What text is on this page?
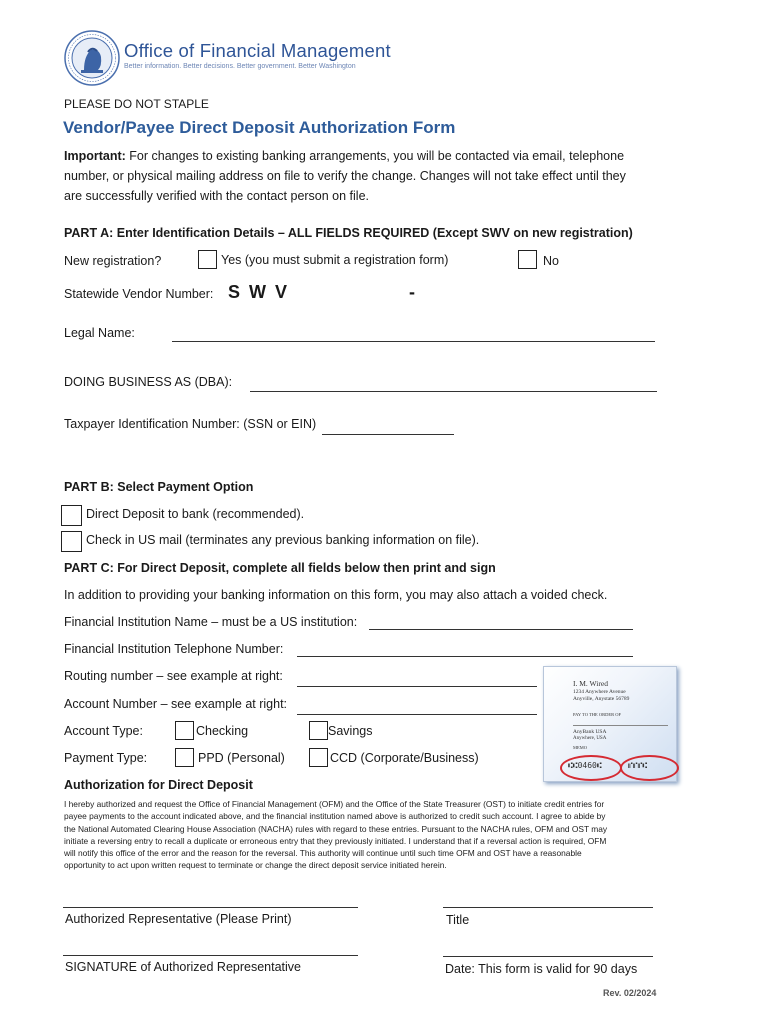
Office of Financial Management
Better information. Better decisions. Better government. Better Washington
PLEASE DO NOT STAPLE
Vendor/Payee Direct Deposit Authorization Form
Important: For changes to existing banking arrangements, you will be contacted via email, telephone
number, or physical mailing address on file to verify the change. Changes will not take effect until they
are successfully verified with the contact person on file.
PART A: Enter Identification Details – ALL FIELDS REQUIRED (Except SWV on new registration)
New registration?	Yes (you must submit a registration form)	No
Statewide Vendor Number: S W V	-
Legal Name:
DOING BUSINESS AS (DBA):
Taxpayer Identification Number: (SSN or EIN)
PART B: Select Payment Option
Direct Deposit to bank (recommended).
Check in US mail (terminates any previous banking information on file).
PART C: For Direct Deposit, complete all fields below then print and sign
In addition to providing your banking information on this form, you may also attach a voided check.
Financial Institution Name – must be a US institution:
Financial Institution Telephone Number:
Routing number – see example at right:
Account Number – see example at right:
Account Type:	Checking	Savings
Payment Type:	PPD (Personal)	CCD (Corporate/Business)
I. M. Wired
1234 Anywhere Avenue
Anyville, Anystate 56789
PAY TO THE ORDER OF
AnyBank USA
Anywhere, USA
MEMO
⑆⑆0460⑆	⑈⑈⑈⑆
Authorization for Direct Deposit
I hereby authorized and request the Office of Financial Management (OFM) and the Office of the State Treasurer (OST) to initiate credit entries for
payee payments to the account indicated above, and the financial institution named above is authorized to credit such account. I agree to abide by
the National Automated Clearing House Association (NACHA) rules with regard to these entries. Pursuant to the NACHA rules, OFM and OST may
initiate a reversing entry to recall a duplicate or erroneous entry that they previously initiated. I understand that if a reversal action is required, OFM
will notify this office of the error and the reason for the reversal. This authority will continue until such time OFM and OST have a reasonable
opportunity to act upon written request to terminate or change the direct deposit service initiated herein.
Authorized Representative (Please Print)	Title
SIGNATURE of Authorized Representative	Date: This form is valid for 90 days
Rev. 02/2024
